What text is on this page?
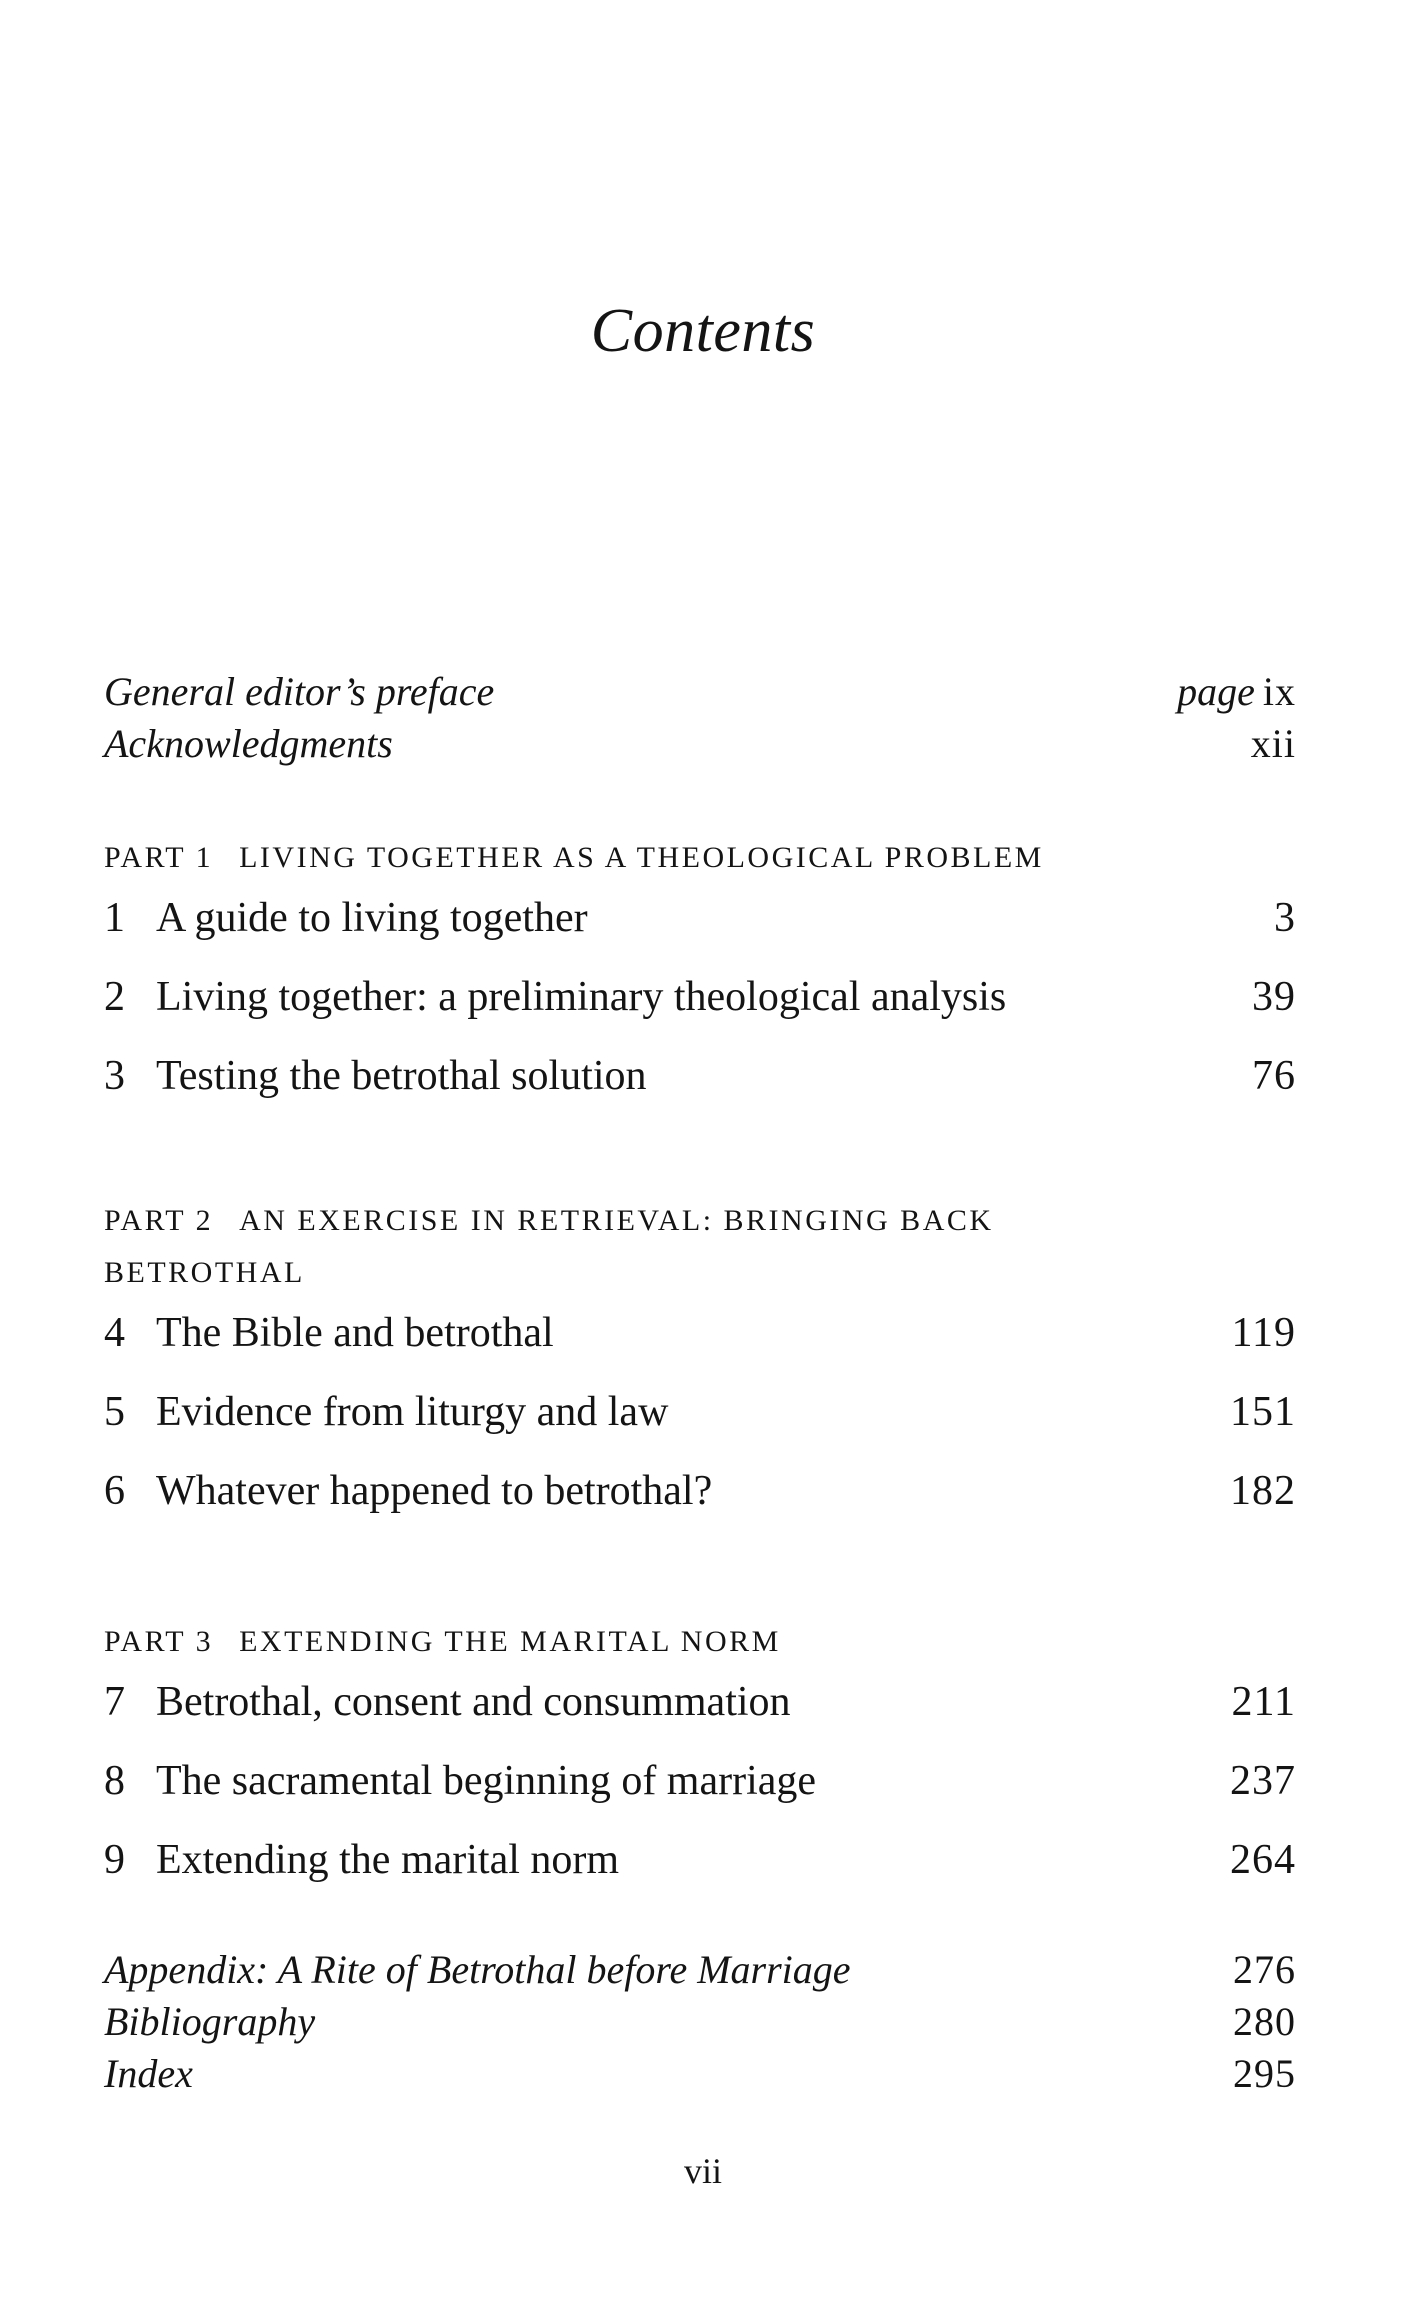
Contents
General editor’s preface	page ix
Acknowledgments	xii

PART 1 LIVING TOGETHER AS A THEOLOGICAL PROBLEM

1 A guide to living together	3
2 Living together: a preliminary theological analysis	39
3 Testing the betrothal solution	76

PART 2 AN EXERCISE IN RETRIEVAL: BRINGING BACK

BETROTHAL

4 The Bible and betrothal	119
5 Evidence from liturgy and law	151
6 Whatever happened to betrothal?	182

PART 3 EXTENDING THE MARITAL NORM

7 Betrothal, consent and consummation	211
8 The sacramental beginning of marriage	237
9 Extending the marital norm	264
Appendix: A Rite of Betrothal before Marriage	276
Bibliography	280
Index	295
vii
